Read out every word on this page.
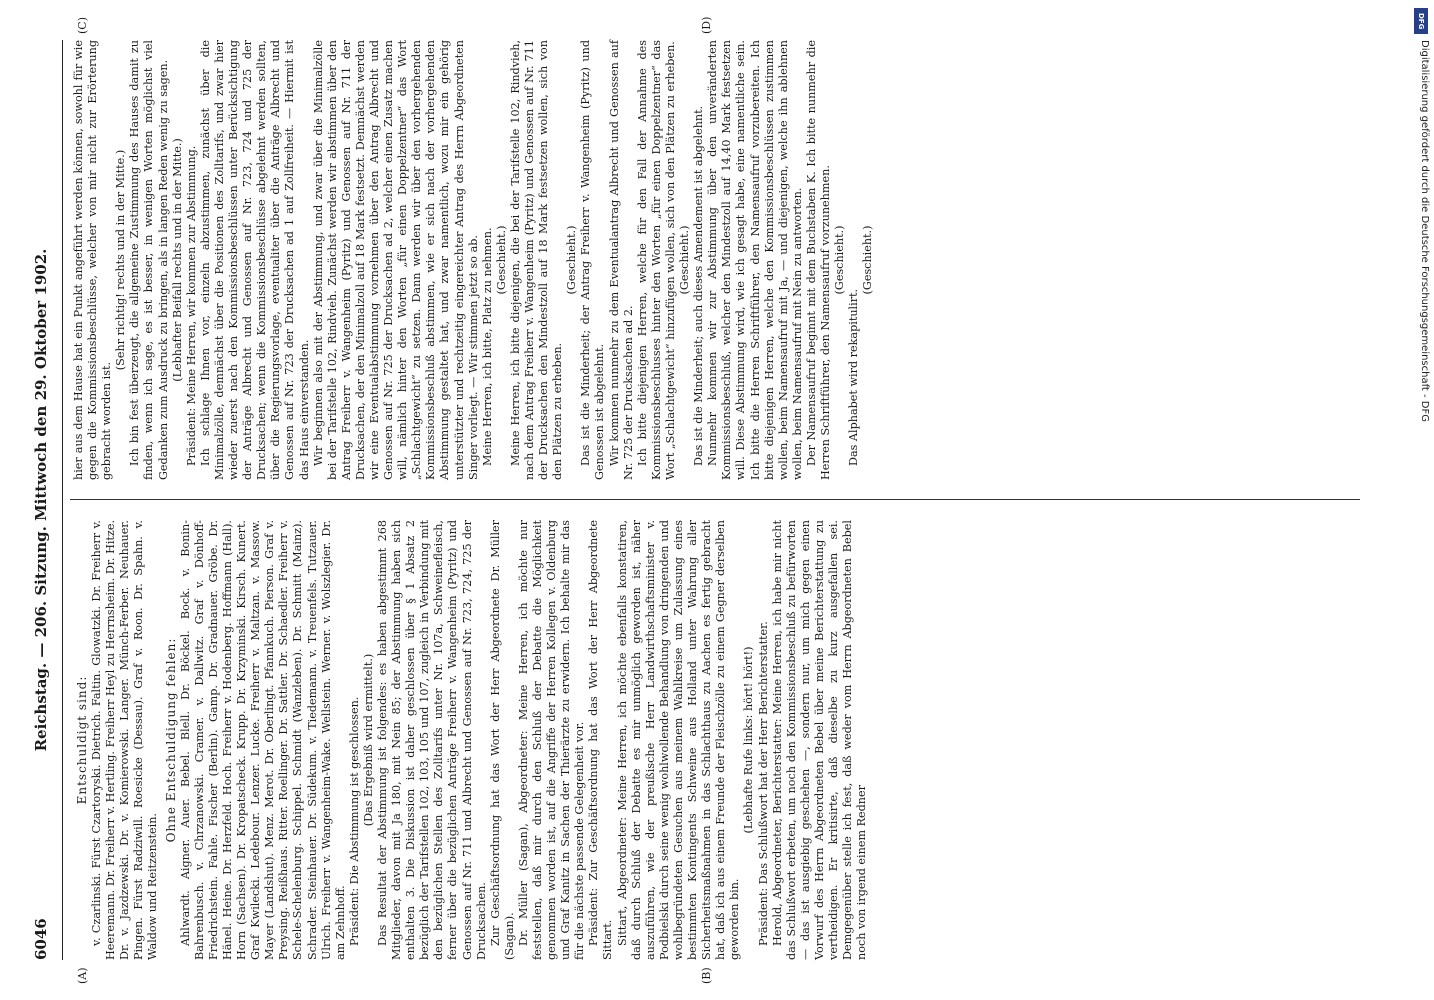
6046
Reichstag. — 206. Sitzung. Mittwoch den 29. Oktober 1902. Entschuldigt sind: v. Czarlinski. Fürst Czartoryski. Dietrich. Faltin. Glowatzki. Dr. Freiherr v. Heeremann. Dr. Freiherr v. Hertling. Freiherr Heyl zu Herrnsheim. Dr. Hitze. Dr. v. Jazdzewski. Dr. v. Komierowski. Langer. Münch-Ferber. Neuhauer. Pingen. Fürst Radziwill. Roesicke (Dessau). Graf v. Roon. Dr. Spahn. v. Waldow und Reitzenstein.

Ohne Entschuldigung fehlen: Ahlwardt. Aigner. Auer. Bebel. Blell. Dr. Böckel. Bock. v. Bonin-Bahrenbusch. v. Chrzanowski. Cramer. v. Dallwitz. Graf v. Dönhoff-Friedrichstein. Fahle. Fischer (Berlin). Gamp. Dr. Gradnauer. Gröbe. Dr. Hänel. Heine. Dr. Herzfeld. Hoch. Freiherr v. Hodenberg. Hoffmann (Hall). Horn (Sachsen). Dr. Kropatscheck. Krupp. Dr. Krzyminski. Kirsch. Kunert. Graf Kwilecki. Ledebour. Lenzer. Lucke. Freiherr v. Maltzan. v. Massow. Mayer (Landshut). Menz. Merot. Dr. Oberlingt. Pfannkuch. Pierson. Graf v. Preysing. Reißhaus. Ritter. Roellinger. Dr. Sattler. Dr. Schaedler. Freiherr v. Schele-Schelenburg. Schippel. Schmidt (Wanzleben). Dr. Schmitt (Mainz). Schrader. Steinhauer. Dr. Südekum. v. Tiedemann. v. Treuenfels. Tutzauer. Ulrich. Freiherr v. Wangenheim-Wake. Wellstein. Werner. v. Wolszlegier. Dr. am Zehnhoff. Präsident: Die Abstimmung ist geschlossen. (Das Ergebniß wird ermittelt.) Das Resultat der Abstimmung ist folgendes: es haben abgestimmt 268 Mitglieder, davon mit Ja 180, mit Nein 85; der Abstimmung haben sich enthalten 3. Die Diskussion ist daher geschlossen über § 1 Absatz 2 bezüglich der Tarifstellen 102, 103, 105 und 107, zugleich in Verbindung mit den bezüglichen Stellen des Zolltarifs unter Nr. 107a, Schweinefleisch, ferner über die bezüglichen Anträge Freiherr v. Wangenheim (Pyritz) und Genossen auf Nr. 711 und Albrecht und Genossen auf Nr. 723, 724, 725 der Drucksachen. Zur Geschäftsordnung hat das Wort der Herr Abgeordnete Dr. Müller (Sagan). Dr. Müller (Sagan), Abgeordneter: Meine Herren, ich möchte nur feststellen, daß mir durch den Schluß der Debatte die Möglichkeit genommen worden ist, auf die Angriffe der Herren Kollegen v. Oldenburg und Graf Kanitz in Sachen der Thierärzte zu erwidern. Ich behalte mir das für die nächste passende Gelegenheit vor. Präsident: Zur Geschäftsordnung hat das Wort der Herr Abgeordnete Sittart. Sittart, Abgeordneter: Meine Herren, ich möchte ebenfalls konstatiren, daß durch Schluß der Debatte es mir unmöglich geworden ist, näher auszuführen, wie der preußische Herr Landwirthschaftsminister v. Podbielski durch seine wenig wohlwollende Behandlung von dringenden und wohlbegründeten Gesuchen aus meinem Wahlkreise um Zulassung eines bestimmten Kontingents Schweine aus Holland unter Wahrung aller Sicherheitsmaßnahmen in das Schlachthaus zu Aachen es fertig gebracht hat, daß ich aus einem Freunde der Fleischzölle zu einem Gegner derselben geworden bin.

(Lebhafte Rufe links: hört! hört!) Präsident: Das Schlußwort hat der Herr Berichterstatter. Herold, Abgeordneter, Berichterstatter: Meine Herren, ich habe mir nicht das Schlußwort erbeten, um noch den Kommissionsbeschluß zu befürworten — das ist ausgiebig geschehen —, sondern nur, um mich gegen einen Vorwurf des Herrn Abgeordneten Bebel über meine Berichterstattung zu vertheidigen. Er kritisirte, daß dieselbe zu kurz ausgefallen sei. Demgegenüber stelle ich fest, daß weder vom Herrn Abgeordneten Bebel noch von irgend einem Redner

hier aus dem Hause hat ein Punkt angeführt werden können, sowohl für wie gegen die Kommissionsbeschlüsse, welcher von mir nicht zur Erörterung gebracht worden ist.

(Sehr richtig! rechts und in der Mitte.) Ich bin fest überzeugt, die allgemeine Zustimmung des Hauses damit zu finden, wenn ich sage, es ist besser, in wenigen Worten möglichst viel Gedanken zum Ausdruck zu bringen, als in langen Reden wenig zu sagen. (Lebhafter Beifall rechts und in der Mitte.) Präsident: Meine Herren, wir kommen zur Abstimmung. Ich schlage Ihnen vor, einzeln abzustimmen, zunächst über die Minimalzölle, demnächst über die Positionen des Zolltarifs, und zwar hier wieder zuerst nach den Kommissionsbeschlüssen unter Berücksichtigung der Anträge Albrecht und Genossen auf Nr. 723, 724 und 725 der Drucksachen; wenn die Kommissionsbeschlüsse abgelehnt werden sollten, über die Regierungsvorlage, eventualiter über die Anträge Albrecht und Genossen auf Nr. 723 der Drucksachen ad 1 auf Zollfreiheit. — Hiermit ist das Haus einverstanden. Wir beginnen also mit der Abstimmung, und zwar über die Minimalzölle bei der Tarifstelle 102, Rindvieh. Zunächst werden wir abstimmen über den Antrag Freiherr v. Wangenheim (Pyritz) und Genossen auf Nr. 711 der Drucksachen, der den Minimalzoll auf 18 Mark festsetzt. Demnächst werden wir eine Eventualabstimmung vornehmen über den Antrag Albrecht und Genossen auf Nr. 725 der Drucksachen ad 2, welcher einen Zusatz machen will, nämlich hinter den Worten „für einen Doppelzentner“ das Wort „Schlachtgewicht“ zu setzen. Dann werden wir über den vorhergehenden Kommissionsbeschluß abstimmen, wie er sich nach der vorhergehenden Abstimmung gestaltet hat, und zwar namentlich, wozu mir ein gehörig unterstützter und rechtzeitig eingereichter Antrag des Herrn Abgeordneten Singer vorliegt. — Wir stimmen jetzt so ab. Meine Herren, ich bitte, Platz zu nehmen. (Geschieht.) Meine Herren, ich bitte diejenigen, die bei der Tarifstelle 102, Rindvieh, nach dem Antrag Freiherr v. Wangenheim (Pyritz) und Genossen auf Nr. 711 der Drucksachen den Mindestzoll auf 18 Mark festsetzen wollen, sich von den Plätzen zu erheben.

(Geschieht.) Das ist die Minderheit; der Antrag Freiherr v. Wangenheim (Pyritz) und Genossen ist abgelehnt. Wir kommen nunmehr zu dem Eventualantrag Albrecht und Genossen auf Nr. 725 der Drucksachen ad 2. Ich bitte diejenigen Herren, welche für den Fall der Annahme des Kommissionsbeschlusses hinter den Worten „für einen Doppelzentner“ das Wort „Schlachtgewicht“ hinzufügen wollen, sich von den Plätzen zu erheben. (Geschieht.) Das ist die Minderheit; auch dieses Amendement ist abgelehnt. Nunmehr kommen wir zur Abstimmung über den unveränderten Kommissionsbeschluß, welcher den Mindestzoll auf 14,40 Mark festsetzen will. Diese Abstimmung wird, wie ich gesagt habe, eine namentliche sein. Ich bitte die Herren Schriftführer, den Namensaufruf vorzubereiten. Ich bitte diejenigen Herren, welche den Kommissionsbeschlüssen zustimmen wollen, beim Namensaufruf mit Ja, — und diejenigen, welche ihn ablehnen wollen, beim Namensaufruf mit Nein zu antworten. Der Namensaufruf beginnt mit dem Buchstaben K. Ich bitte nunmehr die Herren Schriftführer, den Namensaufruf vorzunehmen. (Geschieht.)

Das Alphabet wird rekapitulirt.

(Geschieht.)

(A)	(B)
(C)	(D)	DFG
Digitalisierung gefördert durch die Deutsche Forschungsgemeinschaft - DFG
